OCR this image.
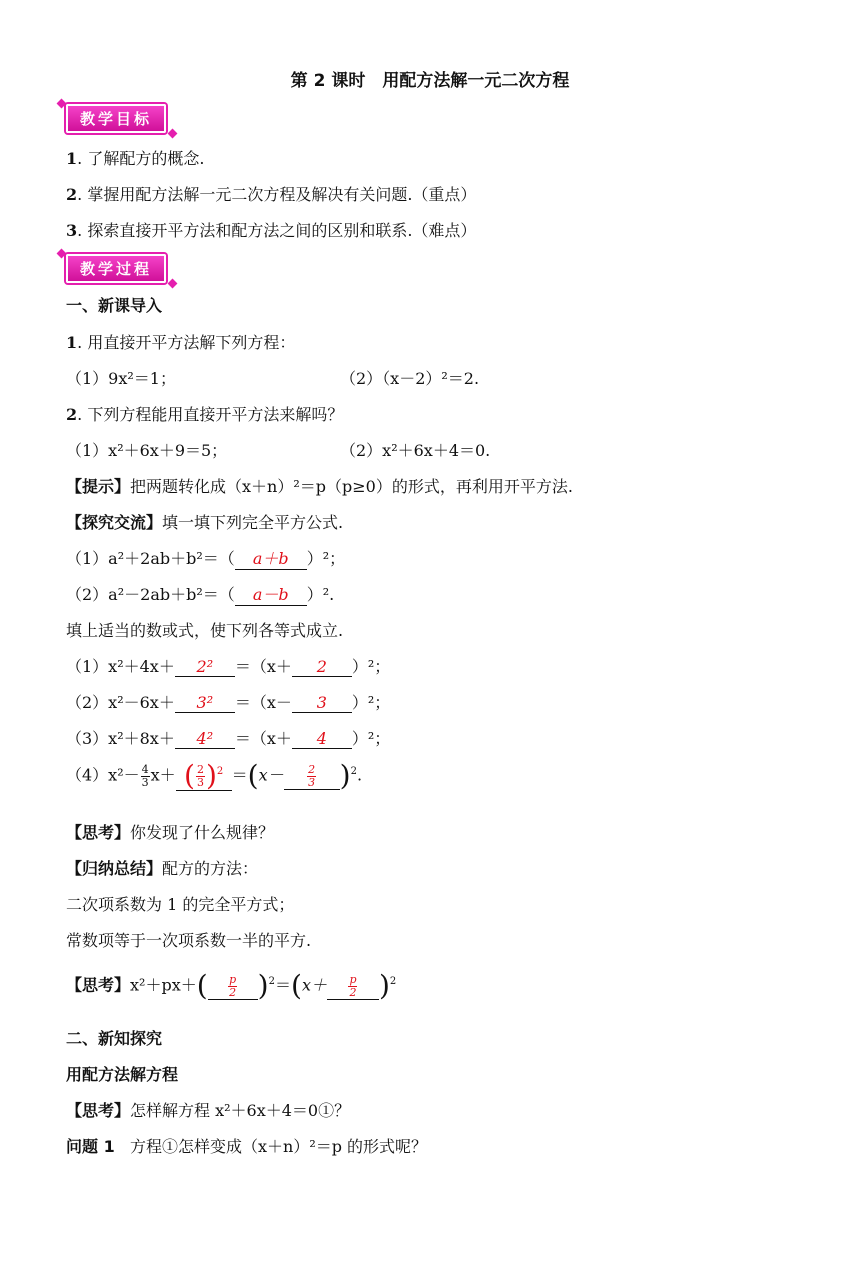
第 2 课时　用配方法解一元二次方程
教学目标
1. 了解配方的概念.
2. 掌握用配方法解一元二次方程及解决有关问题.（重点）
3. 探索直接开平方法和配方法之间的区别和联系.（难点）
教学过程
一、新课导入
1. 用直接开平方法解下列方程：
（1）9x²＝1；	（2）（x－2）²＝2.
2. 下列方程能用直接开平方法来解吗？
（1）x²＋6x＋9＝5；	（2）x²＋6x＋4＝0.
【提示】把两题转化成（x＋n）²＝p（p≥0）的形式，再利用开平方法.
【探究交流】填一填下列完全平方公式.
（1）a²＋2ab＋b²＝（ a＋b ）²；
（2）a²－2ab＋b²＝（ a－b ）².
填上适当的数或式，使下列各等式成立.
（1）x²＋4x＋ 2² ＝（x＋ 2 ）²；
（2）x²－6x＋ 3² ＝（x－ 3 ）²；
（3）x²＋8x＋ 4² ＝（x＋ 4 ）²；
$(4)x^2- \frac{4}{3} x+$ ( $\frac{2}{3} )^2 =(x- \frac{2}{3} )^2$.
【思考】你发现了什么规律？
【归纳总结】配方的方法：
二次项系数为 1 的完全平方式；
常数项等于一次项系数一半的平方.
【思考】$x^2+px+( \frac{p}{2} )^2=(x+ \frac{p}{2} )^2$
二、新知探究
用配方法解方程
【思考】怎样解方程 x²＋6x＋4＝0①？
问题 1 方程①怎样变成（x＋n）²＝p 的形式呢？
